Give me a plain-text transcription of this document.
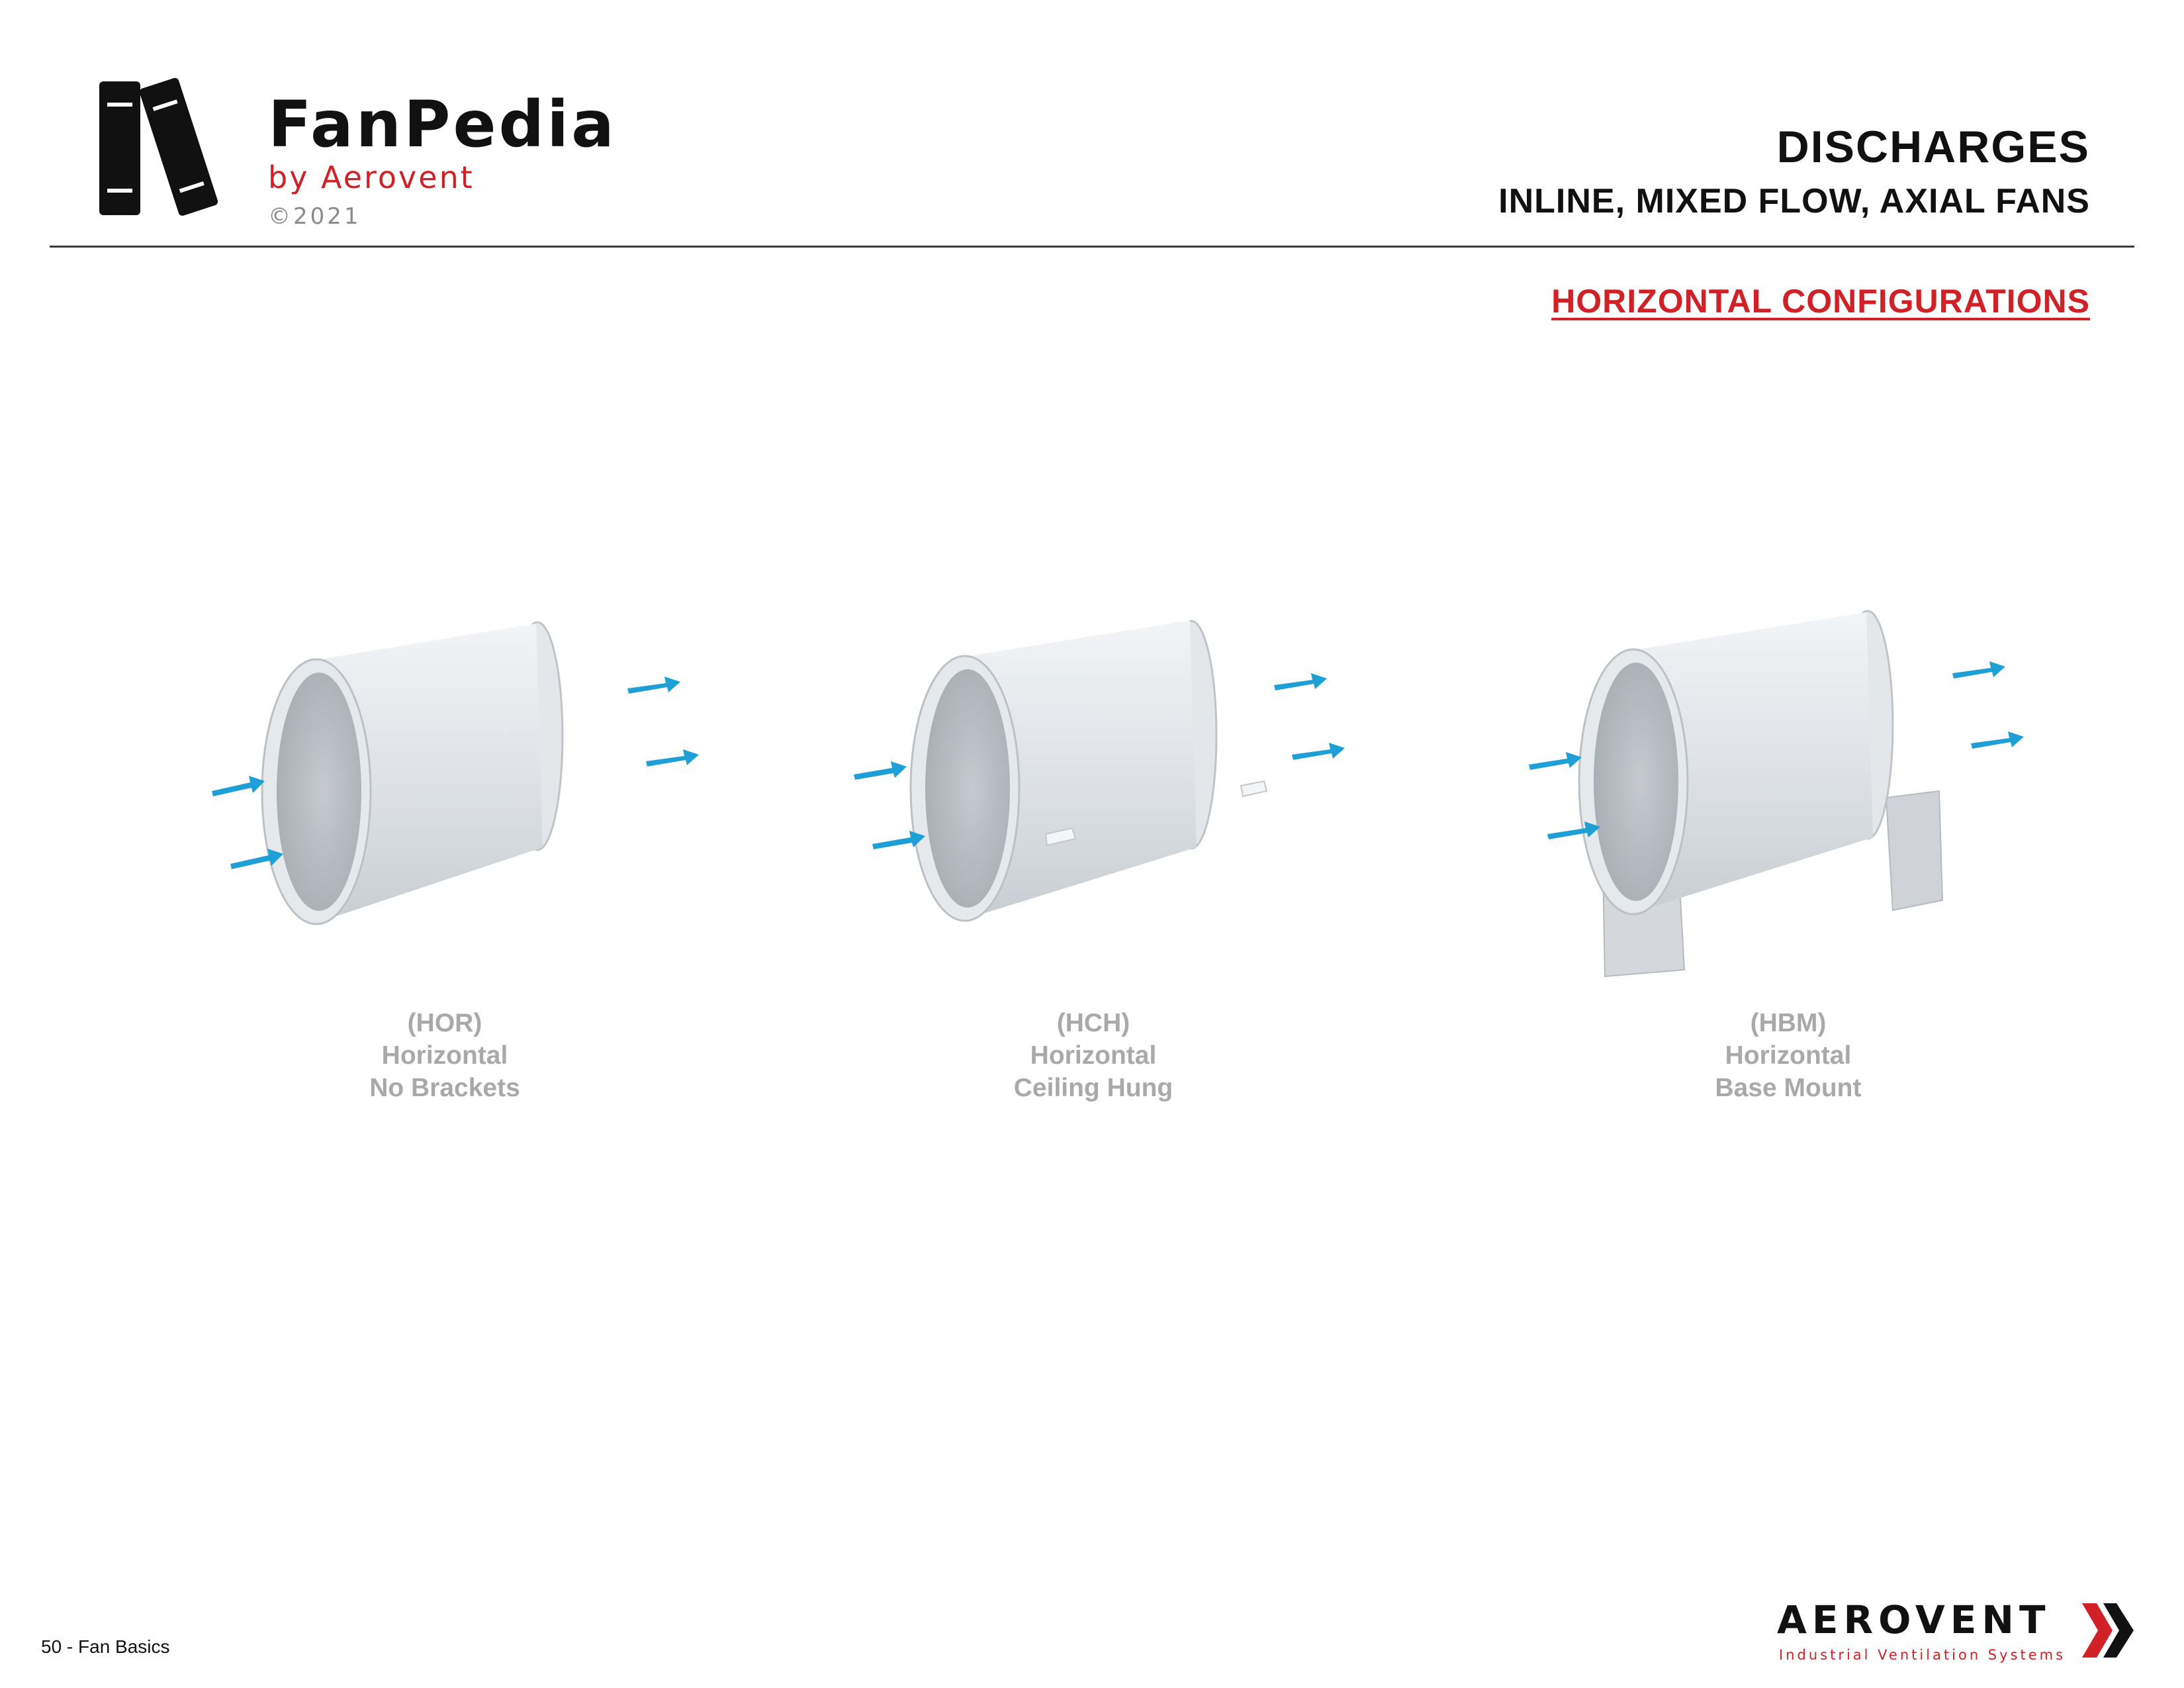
FanPedia
by Aerovent
©2021
DISCHARGES
INLINE, MIXED FLOW, AXIAL FANS
HORIZONTAL CONFIGURATIONS
(HOR)
Horizontal
No Brackets
(HCH)
Horizontal
Ceiling Hung
(HBM)
Horizontal
Base Mount
50 - Fan Basics
AEROVENT
Industrial Ventilation Systems
